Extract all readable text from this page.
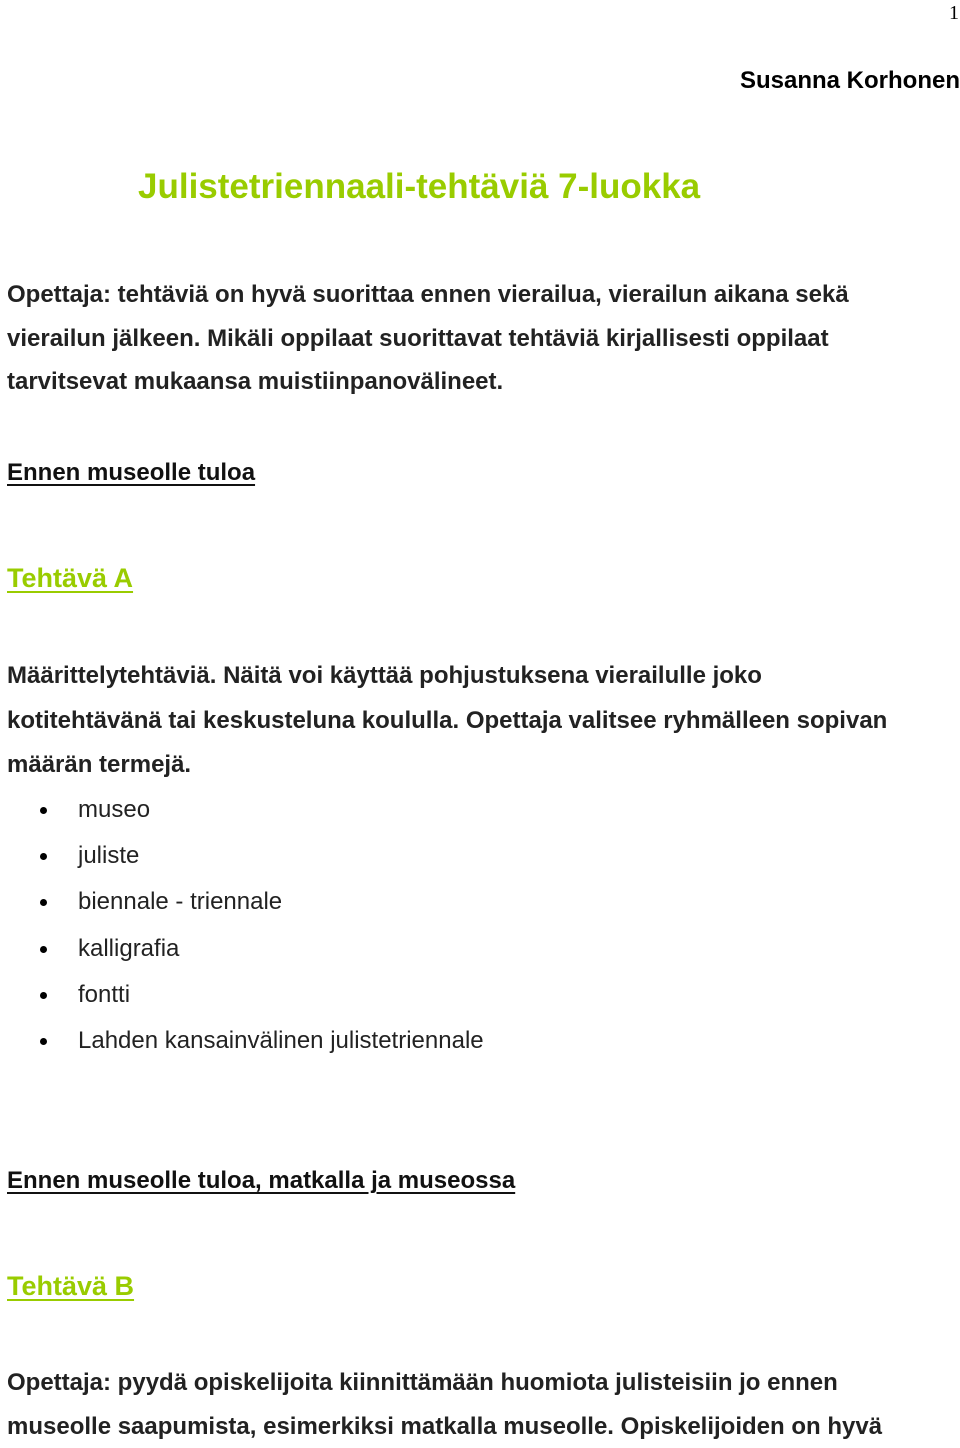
1
Susanna Korhonen
Julistetriennaali-tehtäviä 7-luokka

Opettaja: tehtäviä on hyvä suorittaa ennen vierailua, vierailun aikana sekä

vierailun jälkeen. Mikäli oppilaat suorittavat tehtäviä kirjallisesti oppilaat

tarvitsevat mukaansa muistiinpanovälineet.

Ennen museolle tuloa
Tehtävä A

Määrittelytehtäviä. Näitä voi käyttää pohjustuksena vierailulle joko

kotitehtävänä tai keskusteluna koululla. Opettaja valitsee ryhmälleen sopivan

määrän termejä.

museo
juliste
biennale - triennale
kalligrafia
fontti
Lahden kansainvälinen julistetriennale
Ennen museolle tuloa, matkalla ja museossa
Tehtävä B

Opettaja: pyydä opiskelijoita kiinnittämään huomiota julisteisiin jo ennen

museolle saapumista, esimerkiksi matkalla museolle. Opiskelijoiden on hyvä
